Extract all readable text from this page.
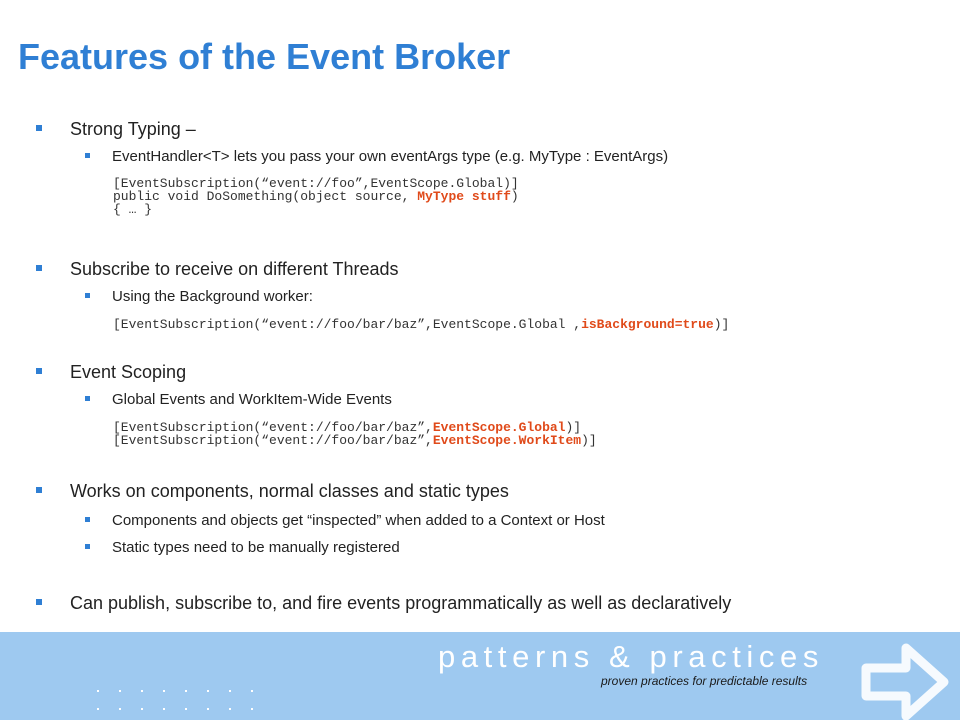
Features of the Event Broker
Strong Typing –
EventHandler<T> lets you pass your own eventArgs type (e.g. MyType : EventArgs)
[EventSubscription(“event://foo”,EventScope.Global)]
public void DoSomething(object source, MyType stuff)
{ … }
Subscribe to receive on different Threads
Using the Background worker:
[EventSubscription(“event://foo/bar/baz”,EventScope.Global ,isBackground=true)]
Event Scoping
Global Events and WorkItem-Wide Events
[EventSubscription(“event://foo/bar/baz”,EventScope.Global)]
[EventSubscription(“event://foo/bar/baz”,EventScope.WorkItem)]
Works on components, normal classes and static types
Components and objects get “inspected” when added to a Context or Host
Static types need to be manually registered
Can publish, subscribe to, and fire events programmatically as well as declaratively
patterns & practices
proven practices for predictable results
